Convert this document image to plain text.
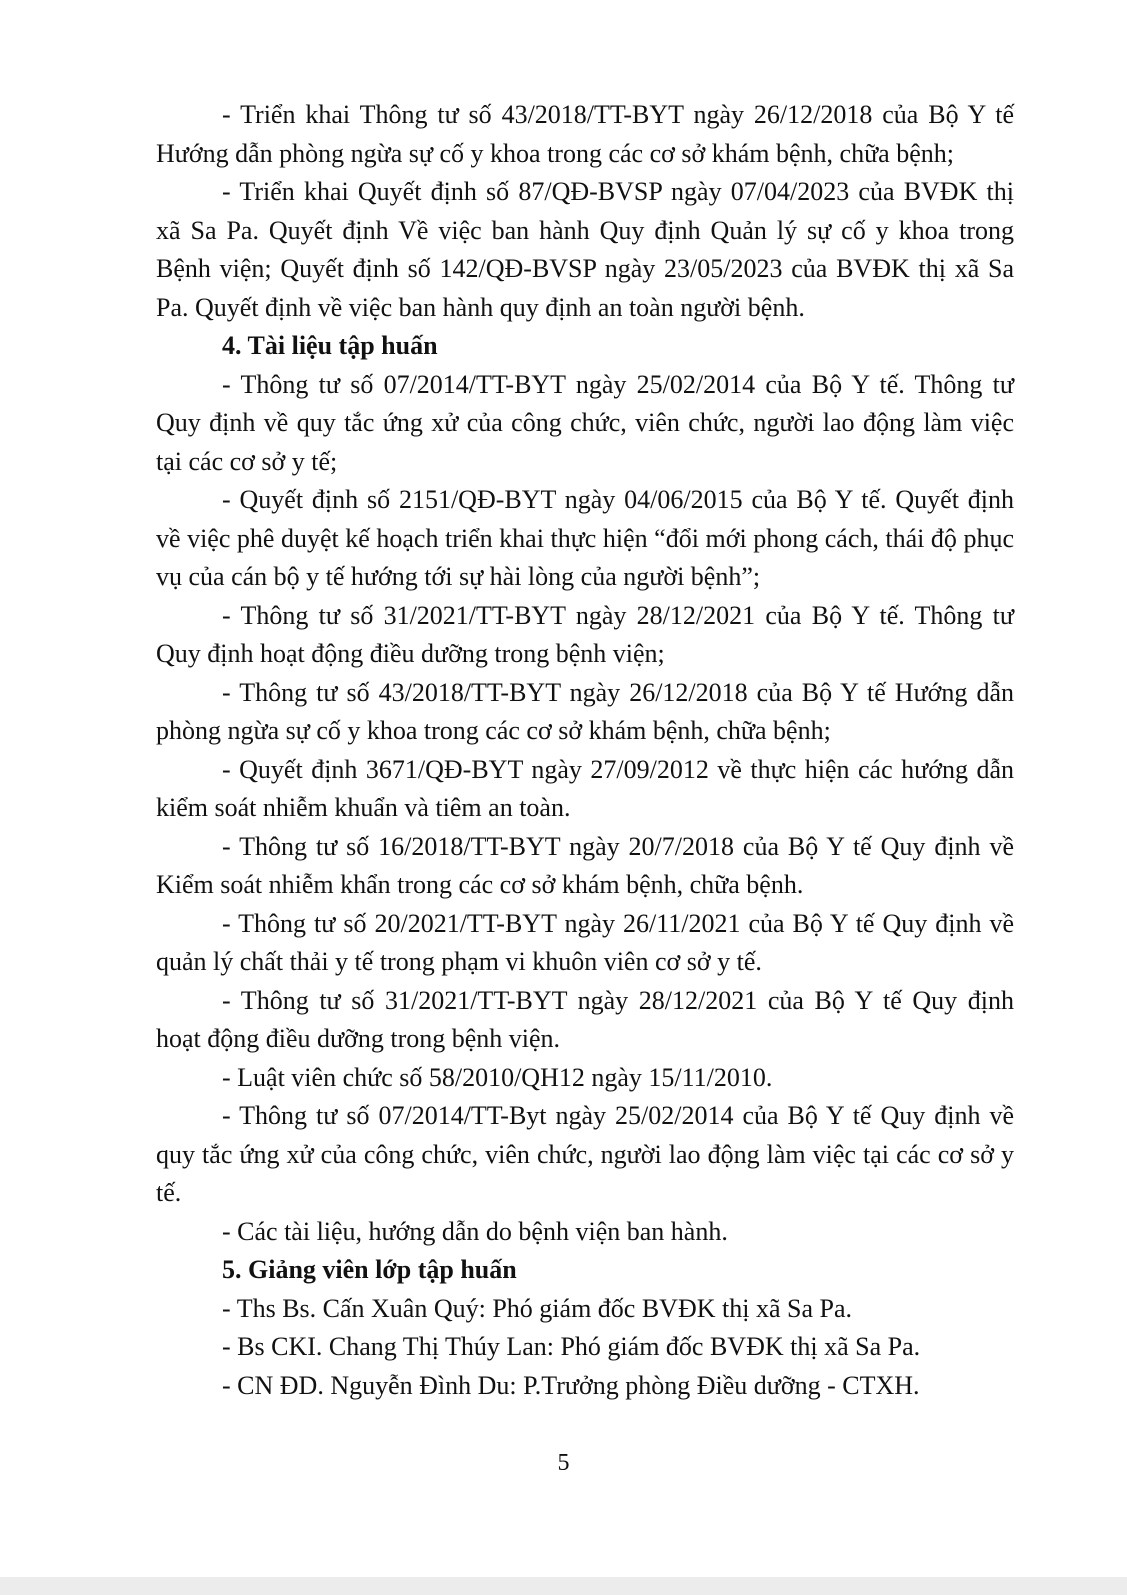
- Triển khai Thông tư số 43/2018/TT-BYT ngày 26/12/2018 của Bộ Y tế Hướng dẫn phòng ngừa sự cố y khoa trong các cơ sở khám bệnh, chữa bệnh;

- Triển khai Quyết định số 87/QĐ-BVSP ngày 07/04/2023 của BVĐK thị xã Sa Pa. Quyết định Về việc ban hành Quy định Quản lý sự cố y khoa trong Bệnh viện; Quyết định số 142/QĐ-BVSP ngày 23/05/2023 của BVĐK thị xã Sa Pa. Quyết định về việc ban hành quy định an toàn người bệnh.

4. Tài liệu tập huấn

- Thông tư số 07/2014/TT-BYT ngày 25/02/2014 của Bộ Y tế. Thông tư Quy định về quy tắc ứng xử của công chức, viên chức, người lao động làm việc tại các cơ sở y tế;

- Quyết định số 2151/QĐ-BYT ngày 04/06/2015 của Bộ Y tế. Quyết định về việc phê duyệt kế hoạch triển khai thực hiện “đổi mới phong cách, thái độ phục vụ của cán bộ y tế hướng tới sự hài lòng của người bệnh”;

- Thông tư số 31/2021/TT-BYT ngày 28/12/2021 của Bộ Y tế. Thông tư Quy định hoạt động điều dưỡng trong bệnh viện;

- Thông tư số 43/2018/TT-BYT ngày 26/12/2018 của Bộ Y tế Hướng dẫn phòng ngừa sự cố y khoa trong các cơ sở khám bệnh, chữa bệnh;

- Quyết định 3671/QĐ-BYT ngày 27/09/2012 về thực hiện các hướng dẫn kiểm soát nhiễm khuẩn và tiêm an toàn.

- Thông tư số 16/2018/TT-BYT ngày 20/7/2018 của Bộ Y tế Quy định về Kiểm soát nhiễm khẩn trong các cơ sở khám bệnh, chữa bệnh.

- Thông tư số 20/2021/TT-BYT ngày 26/11/2021 của Bộ Y tế Quy định về quản lý chất thải y tế trong phạm vi khuôn viên cơ sở y tế.

- Thông tư số 31/2021/TT-BYT ngày 28/12/2021 của Bộ Y tế Quy định hoạt động điều dưỡng trong bệnh viện.

- Luật viên chức số 58/2010/QH12 ngày 15/11/2010.

- Thông tư số 07/2014/TT-Byt ngày 25/02/2014 của Bộ Y tế Quy định về quy tắc ứng xử của công chức, viên chức, người lao động làm việc tại các cơ sở y tế.

- Các tài liệu, hướng dẫn do bệnh viện ban hành.

5. Giảng viên lớp tập huấn

- Ths Bs. Cấn Xuân Quý: Phó giám đốc BVĐK thị xã Sa Pa.

- Bs CKI. Chang Thị Thúy Lan: Phó giám đốc BVĐK thị xã Sa Pa.

- CN ĐD. Nguyễn Đình Du: P.Trưởng phòng Điều dưỡng - CTXH.

5
